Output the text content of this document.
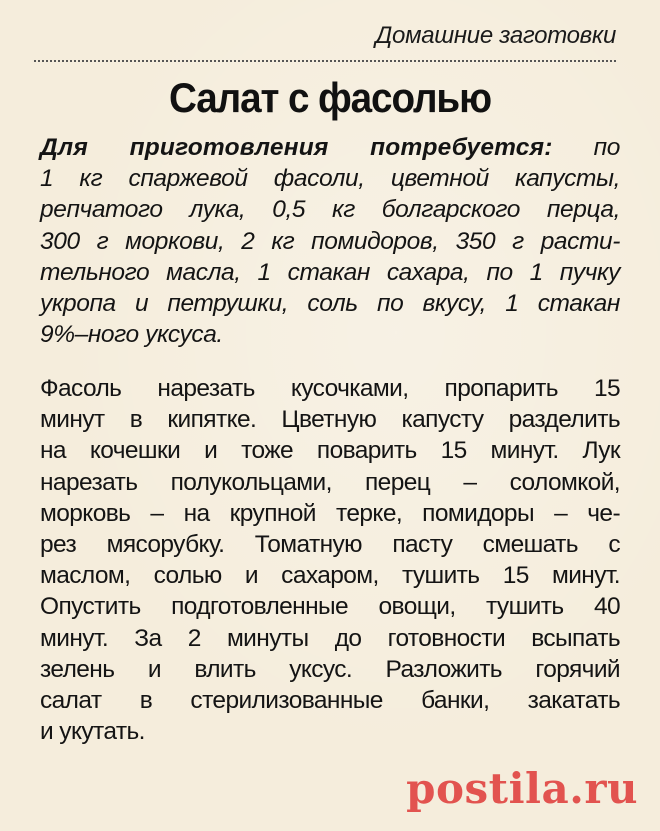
Домашние заготовки
Салат с фасолью
Для приготовления потребуется: по
1 кг спаржевой фасоли, цветной капусты,
репчатого лука, 0,5 кг болгарского перца,
300 г моркови, 2 кг помидоров, 350 г расти-
тельного масла, 1 стакан сахара, по 1 пучку
укропа и петрушки, соль по вкусу, 1 стакан
9%–ного уксуса.
Фасоль нарезать кусочками, пропарить 15
минут в кипятке. Цветную капусту разделить
на кочешки и тоже поварить 15 минут. Лук
нарезать полукольцами, перец – соломкой,
морковь – на крупной терке, помидоры – че-
рез мясорубку. Томатную пасту смешать с
маслом, солью и сахаром, тушить 15 минут.
Опустить подготовленные овощи, тушить 40
минут. За 2 минуты до готовности всыпать
зелень и влить уксус. Разложить горячий
салат в стерилизованные банки, закатать
и укутать.
postila.ru
